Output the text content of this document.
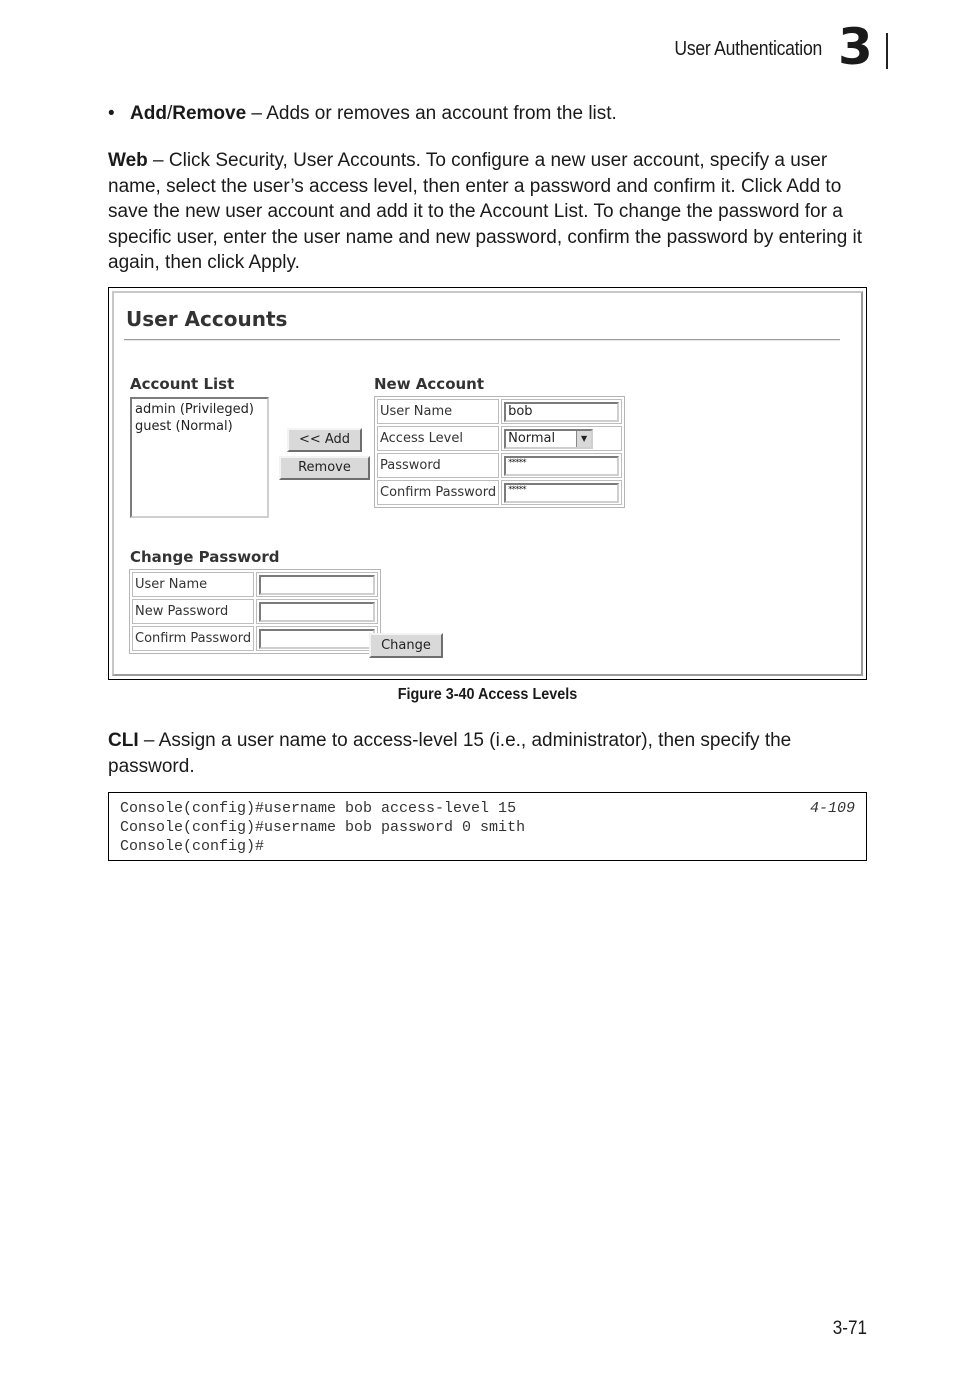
User Authentication 3
• Add/Remove – Adds or removes an account from the list.
Web – Click Security, User Accounts. To configure a new user account, specify a user name, select the user’s access level, then enter a password and confirm it. Click Add to save the new user account and add it to the Account List. To change the password for a specific user, enter the user name and new password, confirm the password by entering it again, then click Apply.
User Accounts
Account List
admin (Privileged)
guest (Normal)
<< Add
Remove
New Account
User Name	bob

Access Level	Normal ▼

Password	*****

Confirm Password	*****
Change Password
User Name	

New Password	

Confirm Password		Change
Figure 3-40 Access Levels
CLI – Assign a user name to access-level 15 (i.e., administrator), then specify the password.
Console(config)#username bob access-level 15	4-109
Console(config)#username bob password 0 smith
Console(config)#
3-71
